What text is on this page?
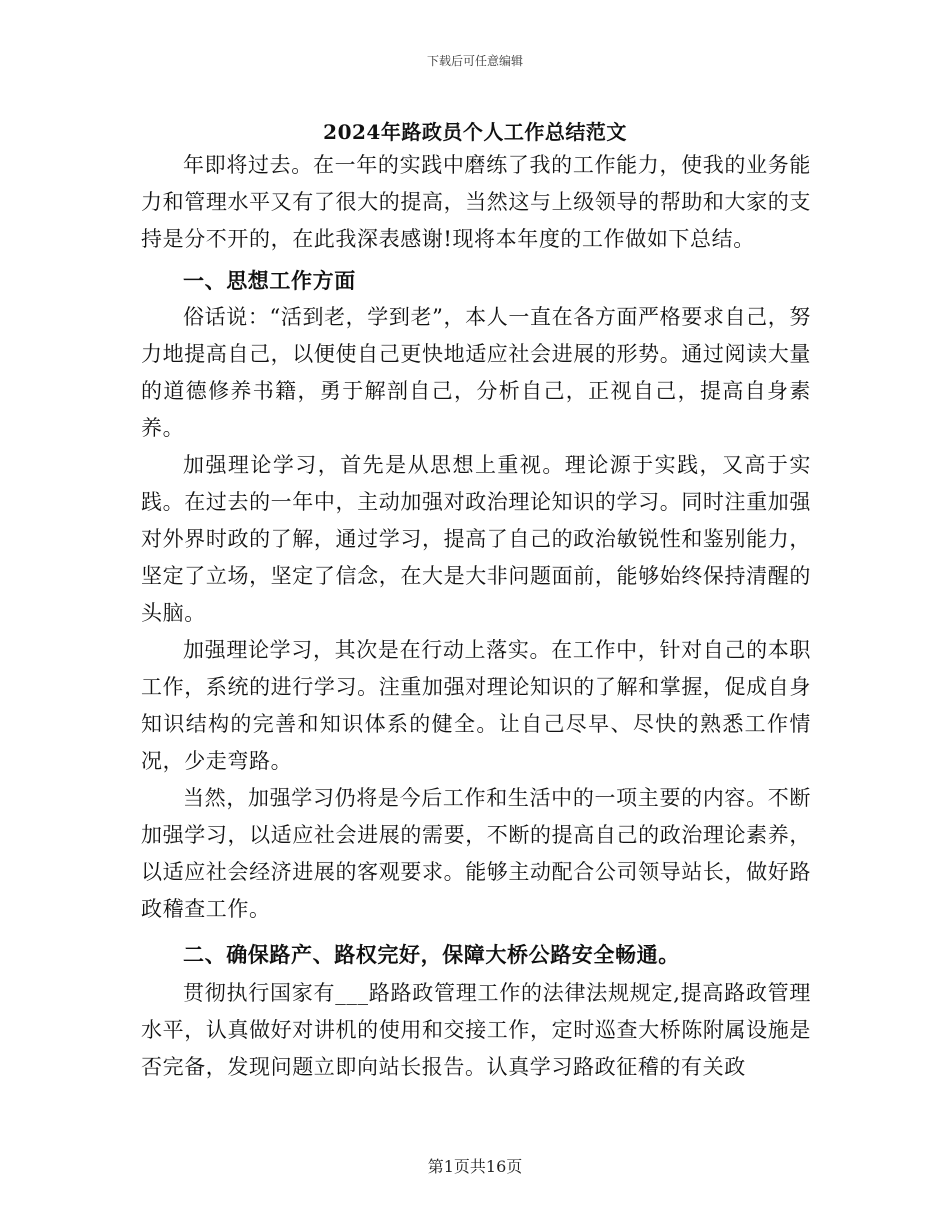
下载后可任意编辑
2024年路政员个人工作总结范文

年即将过去。在一年的实践中磨练了我的工作能力，使我的业务能力和管理水平又有了很大的提高，当然这与上级领导的帮助和大家的支持是分不开的，在此我深表感谢!现将本年度的工作做如下总结。

一、思想工作方面

俗话说：“活到老，学到老”，本人一直在各方面严格要求自己，努力地提高自己，以便使自己更快地适应社会进展的形势。通过阅读大量的道德修养书籍，勇于解剖自己，分析自己，正视自己，提高自身素养。

加强理论学习，首先是从思想上重视。理论源于实践，又高于实践。在过去的一年中，主动加强对政治理论知识的学习。同时注重加强对外界时政的了解，通过学习，提高了自己的政治敏锐性和鉴别能力，坚定了立场，坚定了信念，在大是大非问题面前，能够始终保持清醒的头脑。

加强理论学习，其次是在行动上落实。在工作中，针对自己的本职工作，系统的进行学习。注重加强对理论知识的了解和掌握，促成自身知识结构的完善和知识体系的健全。让自己尽早、尽快的熟悉工作情况，少走弯路。

当然，加强学习仍将是今后工作和生活中的一项主要的内容。不断加强学习，以适应社会进展的需要，不断的提高自己的政治理论素养，以适应社会经济进展的客观要求。能够主动配合公司领导站长，做好路政稽查工作。

二、确保路产、路权完好，保障大桥公路安全畅通。

贯彻执行国家有___路路政管理工作的法律法规规定,提高路政管理水平，认真做好对讲机的使用和交接工作，定时巡查大桥陈附属设施是否完备，发现问题立即向站长报告。认真学习路政征稽的有关政

第1页共16页
